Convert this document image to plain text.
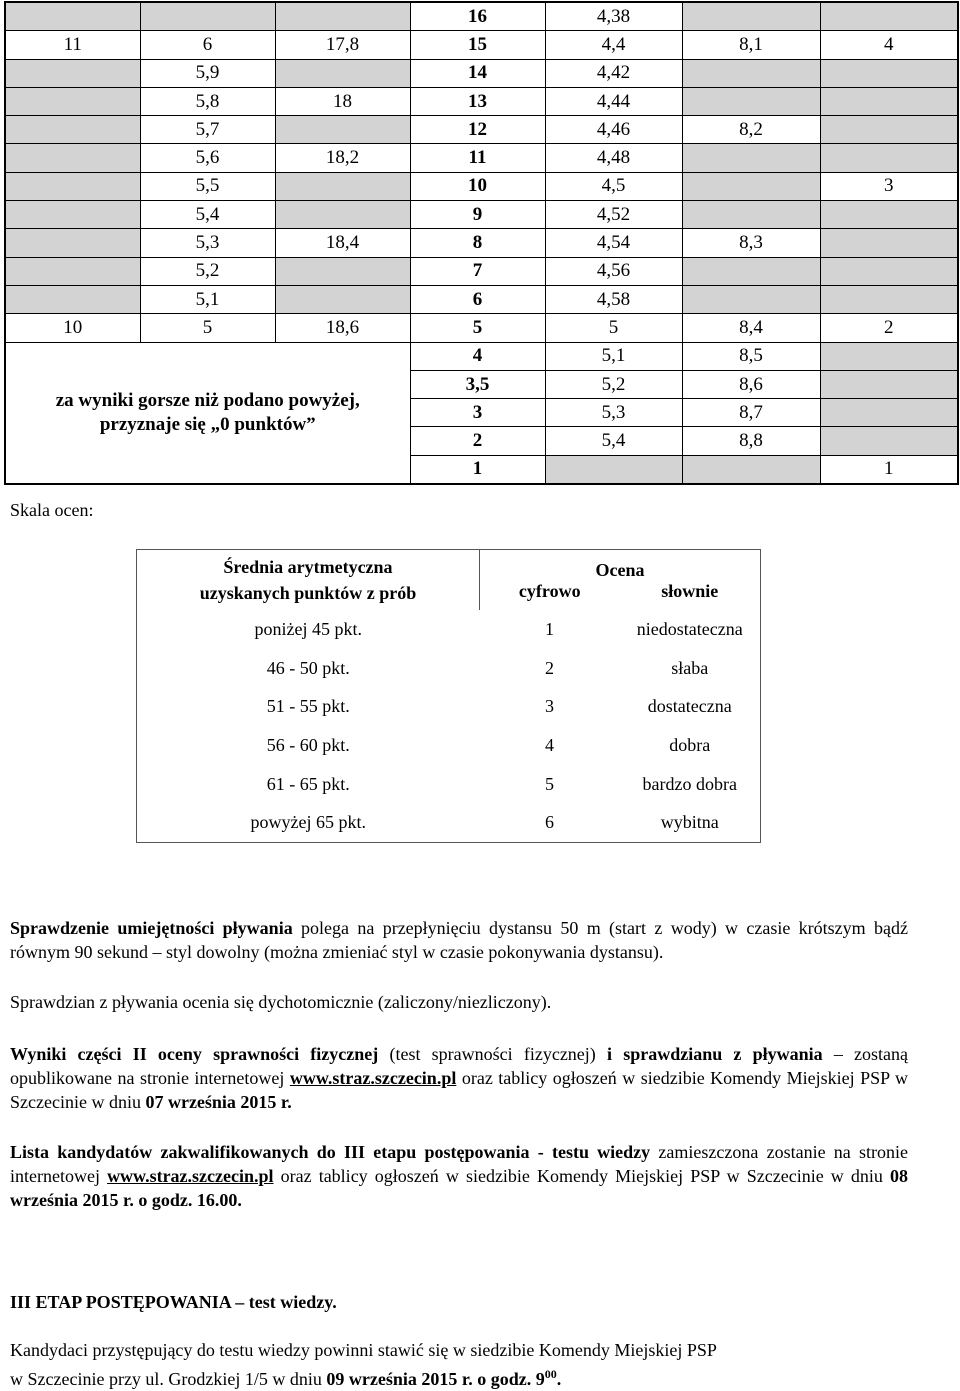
			16	4,38		
11	6	17,8	15	4,4	8,1	4
	5,9		14	4,42		
	5,8	18	13	4,44		
	5,7		12	4,46	8,2	
	5,6	18,2	11	4,48		
	5,5		10	4,5		3
	5,4		9	4,52		
	5,3	18,4	8	4,54	8,3	
	5,2		7	4,56		
	5,1		6	4,58		
10	5	18,6	5	5	8,4	2

za wyniki gorsze niż podano powyżej,
przyznaje się „0 punktów”			4	5,1	8,5	
			3,5	5,2	8,6	
			3	5,3	8,7	
			2	5,4	8,8	
			1			1
Skala ocen:
Średnia arytmetyczna
uzyskanych punktów z prób	Ocena	
	cyfrowo	słownie
poniżej 45 pkt.	1	niedostateczna
46 - 50 pkt.	2	słaba
51 - 55 pkt.	3	dostateczna
56 - 60 pkt.	4	dobra
61 - 65 pkt.	5	bardzo dobra
powyżej 65 pkt.	6	wybitna
Sprawdzenie umiejętności pływania polega na przepłynięciu dystansu 50 m (start z wody) w czasie krótszym bądź równym 90 sekund – styl dowolny (można zmieniać styl w czasie pokonywania dystansu).
Sprawdzian z pływania ocenia się dychotomicznie (zaliczony/niezliczony).
Wyniki części II oceny sprawności fizycznej (test sprawności fizycznej) i sprawdzianu z pływania – zostaną opublikowane na stronie internetowej www.straz.szczecin.pl oraz tablicy ogłoszeń w siedzibie Komendy Miejskiej PSP w Szczecinie w dniu 07 września 2015 r.
Lista kandydatów zakwalifikowanych do III etapu postępowania - testu wiedzy zamieszczona zostanie na stronie internetowej www.straz.szczecin.pl oraz tablicy ogłoszeń w siedzibie Komendy Miejskiej PSP w Szczecinie w dniu 08 września 2015 r. o godz. 16.00.
III ETAP POSTĘPOWANIA – test wiedzy.
Kandydaci przystępujący do testu wiedzy powinni stawić się w siedzibie Komendy Miejskiej PSP
w Szczecinie przy ul. Grodzkiej 1/5 w dniu 09 września 2015 r. o godz. $9^{00}$.
